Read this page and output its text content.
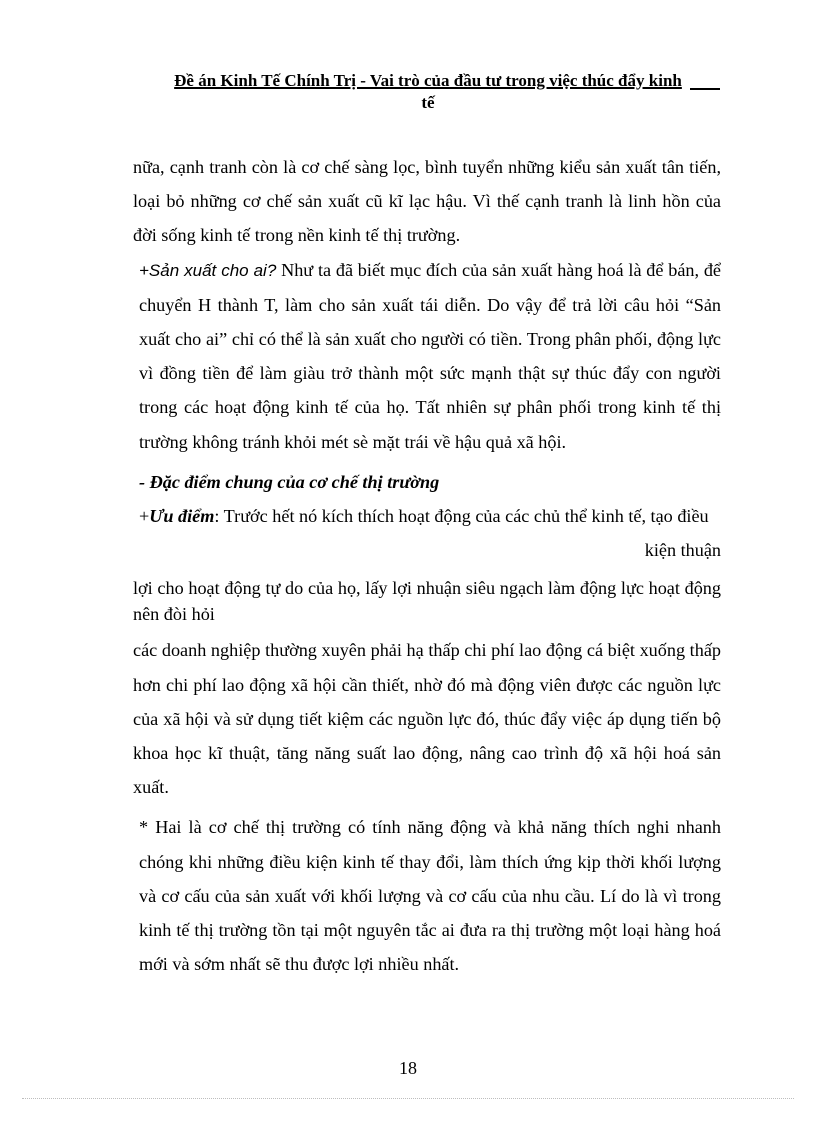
Đề án Kinh Tế Chính Trị - Vai trò của đầu tư trong việc thúc đẩy kinh
tế

nữa, cạnh tranh còn là cơ chế sàng lọc, bình tuyển những kiểu sản xuất tân tiến, loại bỏ những cơ chế sản xuất cũ kĩ lạc hậu. Vì thế cạnh tranh là linh hồn của đời sống kinh tế trong nền kinh tế thị trường.

+Sản xuất cho ai? Như ta đã biết mục đích của sản xuất hàng hoá là để bán, để chuyển H thành T, làm cho sản xuất tái diễn. Do vậy để trả lời câu hỏi “Sản xuất cho ai” chỉ có thể là sản xuất cho người có tiền. Trong phân phối, động lực vì đồng tiền để làm giàu trở thành một sức mạnh thật sự thúc đẩy con người trong các hoạt động kinh tế của họ. Tất nhiên sự phân phối trong kinh tế thị trường không tránh khỏi mét sè mặt trái về hậu quả xã hội.

- Đặc điểm chung của cơ chế thị trường

+Ưu điểm: Trước hết nó kích thích hoạt động của các chủ thể kinh tế, tạo điều

kiện thuận

lợi cho hoạt động tự do của họ, lấy lợi nhuận siêu ngạch làm động lực hoạt động nên đòi hỏi

các doanh nghiệp thường xuyên phải hạ thấp chi phí lao động cá biệt xuống thấp hơn chi phí lao động xã hội cần thiết, nhờ đó mà động viên được các nguồn lực của xã hội và sử dụng tiết kiệm các nguồn lực đó, thúc đẩy việc áp dụng tiến bộ khoa học kĩ thuật, tăng năng suất lao động, nâng cao trình độ xã hội hoá sản xuất.

* Hai là cơ chế thị trường có tính năng động và khả năng thích nghi nhanh chóng khi những điều kiện kinh tế thay đổi, làm thích ứng kịp thời khối lượng và cơ cấu của sản xuất với khối lượng và cơ cấu của nhu cầu. Lí do là vì trong kinh tế thị trường tồn tại một nguyên tắc ai đưa ra thị trường một loại hàng hoá mới và sớm nhất sẽ thu được lợi nhiều nhất.

18
